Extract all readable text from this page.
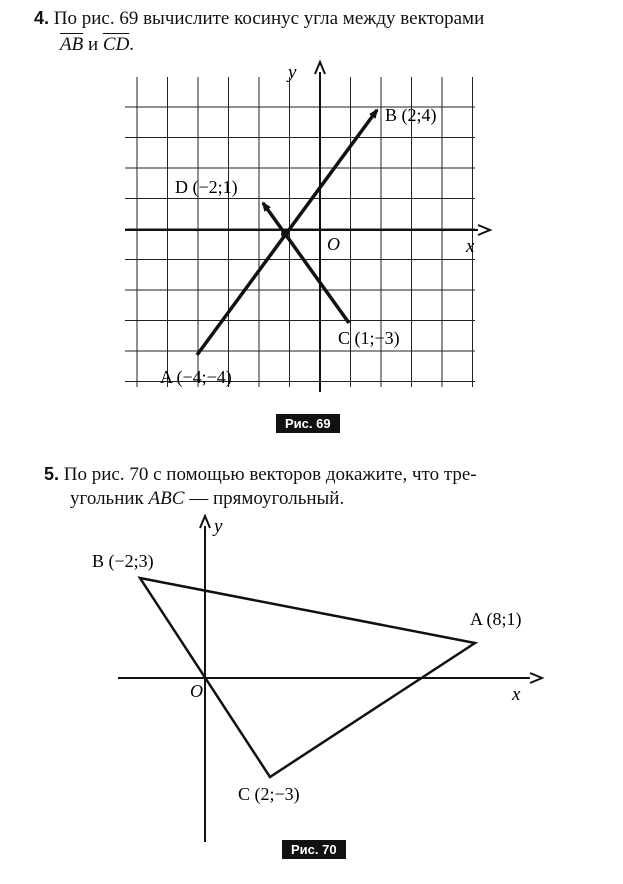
4. По рис. 69 вычислите косинус угла между векторами
$\overline{AB}$ и $\overline{CD}$.
x
y
O
B (2;4)
D (−2;1)
C (1;−3)
A (−4;−4)
Рис. 69
5. По рис. 70 с помощью векторов докажите, что тре-
угольник ABC — прямоугольный.
x
y
O
B (−2;3)
A (8;1)
C (2;−3)
Рис. 70
